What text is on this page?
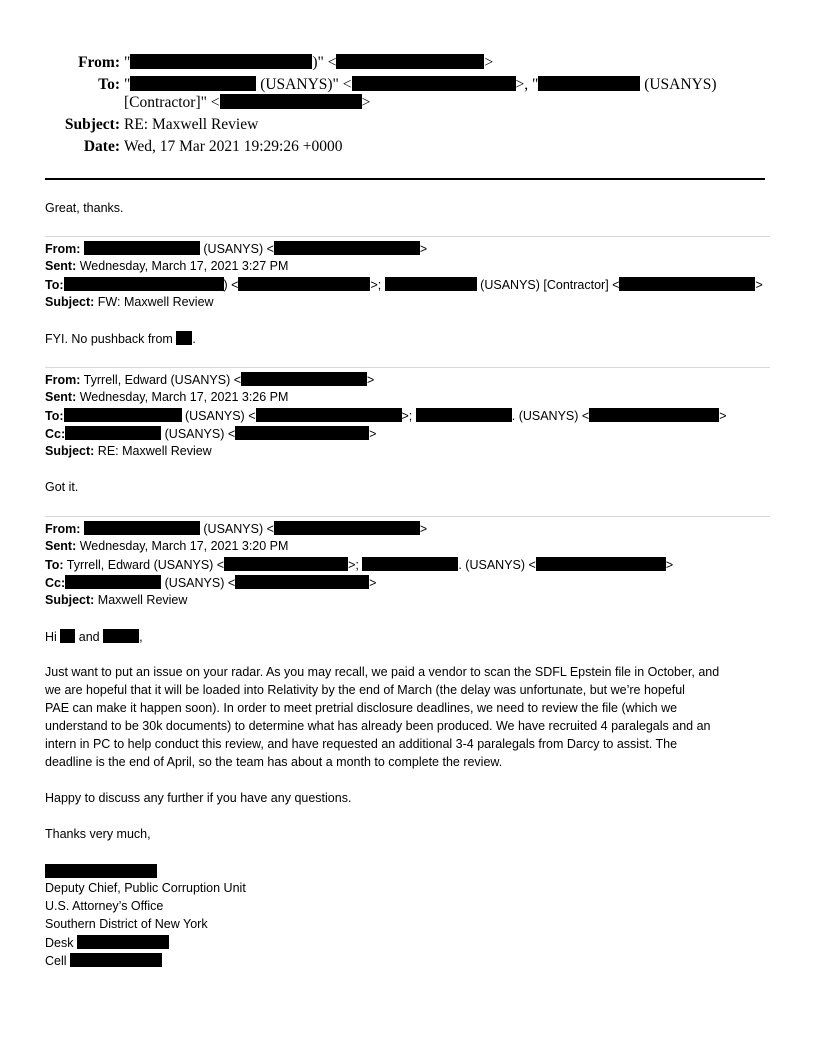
From: "	)" <	>
To: "	(USANYS)" <	>, "	(USANYS)
[Contractor]" <	>
Subject: RE: Maxwell Review
Date: Wed, 17 Mar 2021 19:29:26 +0000
Great, thanks.
From:	(USANYS) <	>
Sent: Wednesday, March 17, 2021 3:27 PM
To:	) <	>;	(USANYS) [Contractor] <	>
Subject: FW: Maxwell Review
FYI. No pushback from .
From: Tyrrell, Edward (USANYS) <	>
Sent: Wednesday, March 17, 2021 3:26 PM
To:	(USANYS) <	>;	. (USANYS) <	>
Cc:	(USANYS) <	>
Subject: RE: Maxwell Review
Got it.
From:	(USANYS) <	>
Sent: Wednesday, March 17, 2021 3:20 PM
To: Tyrrell, Edward (USANYS) <	>;	. (USANYS) <	>
Cc:	(USANYS) <	>
Subject: Maxwell Review
Hi  and	,
Just want to put an issue on your radar. As you may recall, we paid a vendor to scan the SDFL Epstein file in October, and
we are hopeful that it will be loaded into Relativity by the end of March (the delay was unfortunate, but we’re hopeful
PAE can make it happen soon). In order to meet pretrial disclosure deadlines, we need to review the file (which we
understand to be 30k documents) to determine what has already been produced. We have recruited 4 paralegals and an
intern in PC to help conduct this review, and have requested an additional 3-4 paralegals from Darcy to assist. The
deadline is the end of April, so the team has about a month to complete the review.
Happy to discuss any further if you have any questions.
Thanks very much,
Deputy Chief, Public Corruption Unit
U.S. Attorney’s Office
Southern District of New York
Desk
Cell
